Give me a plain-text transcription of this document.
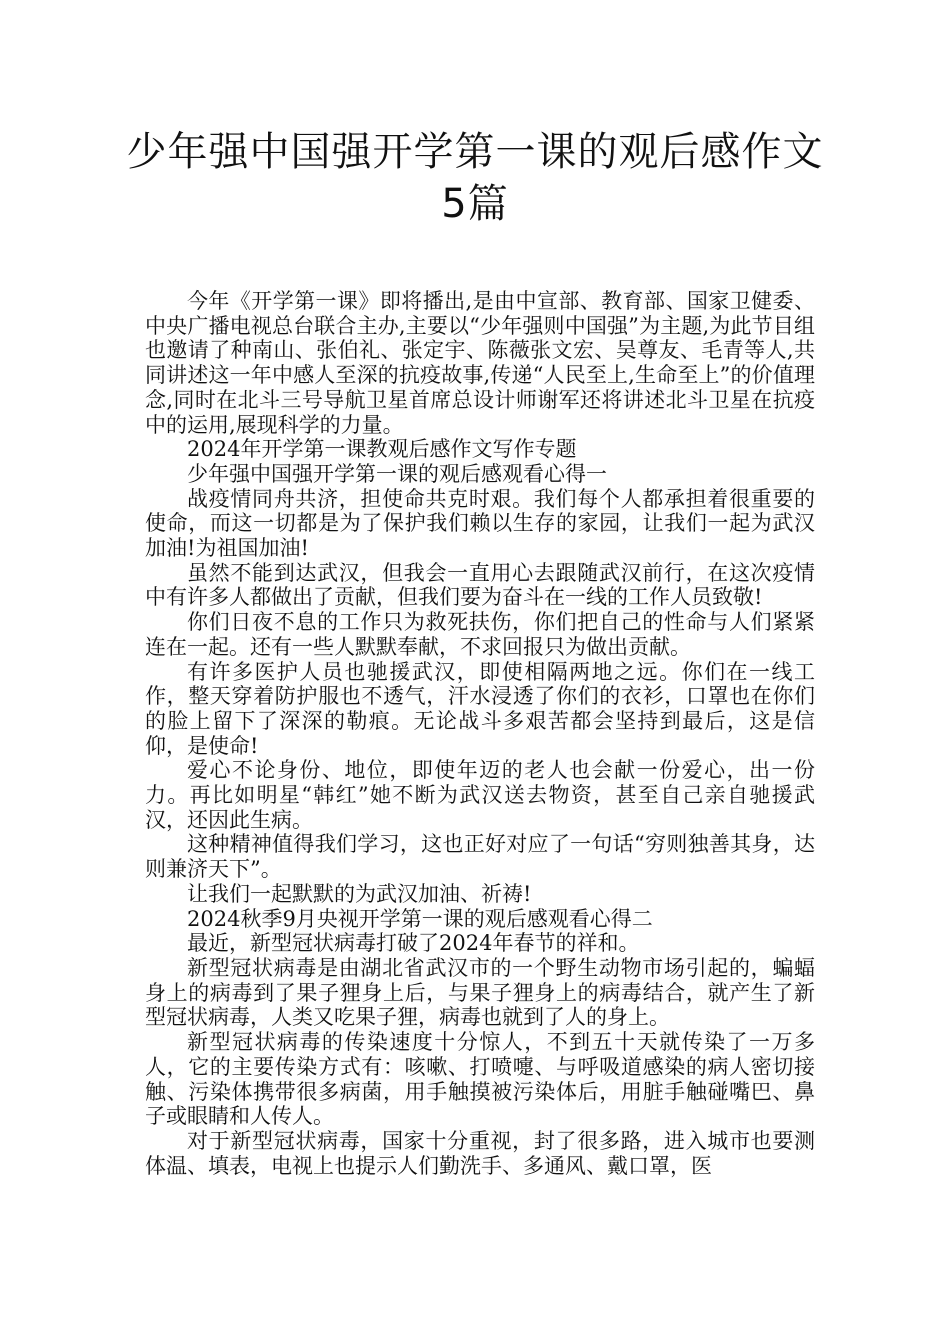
少年强中国强开学第一课的观后感作文
5篇

今年《开学第一课》即将播出,是由中宣部、教育部、国家卫健委、中央广播电视总台联合主办,主要以“少年强则中国强”为主题,为此节目组也邀请了种南山、张伯礼、张定宇、陈薇张文宏、吴尊友、毛青等人,共同讲述这一年中感人至深的抗疫故事,传递“人民至上,生命至上”的价值理念,同时在北斗三号导航卫星首席总设计师谢军还将讲述北斗卫星在抗疫中的运用,展现科学的力量。

2024年开学第一课教观后感作文写作专题

少年强中国强开学第一课的观后感观看心得一

战疫情同舟共济，担使命共克时艰。我们每个人都承担着很重要的使命，而这一切都是为了保护我们赖以生存的家园，让我们一起为武汉加油!为祖国加油!

虽然不能到达武汉，但我会一直用心去跟随武汉前行，在这次疫情中有许多人都做出了贡献，但我们要为奋斗在一线的工作人员致敬!

你们日夜不息的工作只为救死扶伤，你们把自己的性命与人们紧紧连在一起。还有一些人默默奉献，不求回报只为做出贡献。

有许多医护人员也驰援武汉，即使相隔两地之远。你们在一线工作，整天穿着防护服也不透气，汗水浸透了你们的衣衫，口罩也在你们的脸上留下了深深的勒痕。无论战斗多艰苦都会坚持到最后，这是信仰，是使命!

爱心不论身份、地位，即使年迈的老人也会献一份爱心，出一份力。再比如明星“韩红”她不断为武汉送去物资，甚至自己亲自驰援武汉，还因此生病。

这种精神值得我们学习，这也正好对应了一句话“穷则独善其身，达则兼济天下”。

让我们一起默默的为武汉加油、祈祷!

2024秋季9月央视开学第一课的观后感观看心得二

最近，新型冠状病毒打破了2024年春节的祥和。

新型冠状病毒是由湖北省武汉市的一个野生动物市场引起的，蝙蝠身上的病毒到了果子狸身上后，与果子狸身上的病毒结合，就产生了新型冠状病毒，人类又吃果子狸，病毒也就到了人的身上。

新型冠状病毒的传染速度十分惊人，不到五十天就传染了一万多人，它的主要传染方式有：咳嗽、打喷嚏、与呼吸道感染的病人密切接触、污染体携带很多病菌，用手触摸被污染体后，用脏手触碰嘴巴、鼻子或眼睛和人传人。

对于新型冠状病毒，国家十分重视，封了很多路，进入城市也要测体温、填表，电视上也提示人们勤洗手、多通风、戴口罩，医
